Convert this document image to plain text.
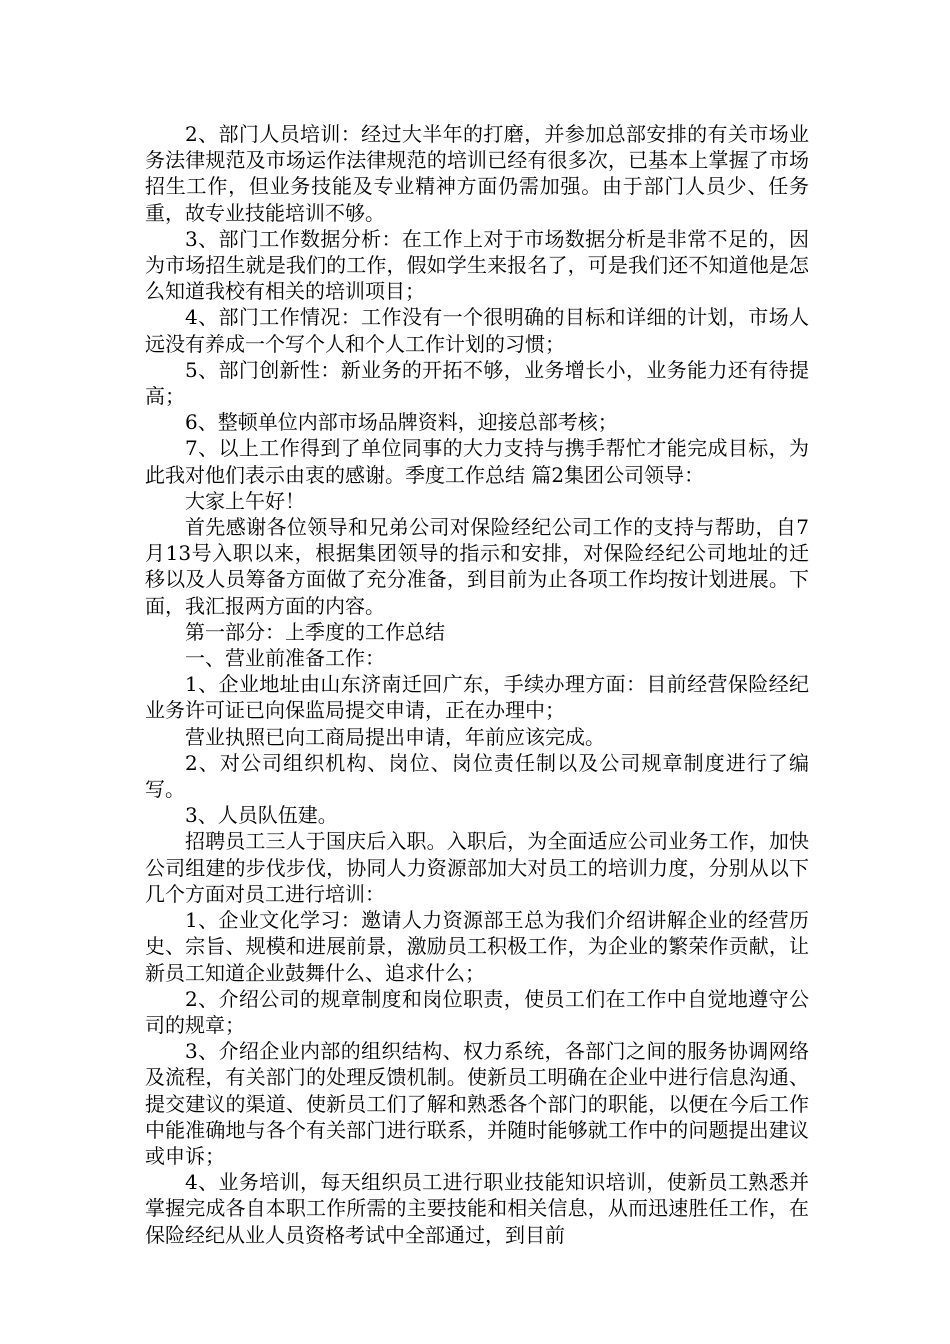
2、部门人员培训：经过大半年的打磨，并参加总部安排的有关市场业务法律规范及市场运作法律规范的培训已经有很多次，已基本上掌握了市场招生工作，但业务技能及专业精神方面仍需加强。由于部门人员少、任务重，故专业技能培训不够。

3、部门工作数据分析：在工作上对于市场数据分析是非常不足的，因为市场招生就是我们的工作，假如学生来报名了，可是我们还不知道他是怎么知道我校有相关的培训项目；

4、部门工作情况：工作没有一个很明确的目标和详细的计划，市场人远没有养成一个写个人和个人工作计划的习惯；

5、部门创新性：新业务的开拓不够，业务增长小，业务能力还有待提高；

6、整顿单位内部市场品牌资料，迎接总部考核；

7、以上工作得到了单位同事的大力支持与携手帮忙才能完成目标，为此我对他们表示由衷的感谢。季度工作总结 篇2集团公司领导：

大家上午好！

首先感谢各位领导和兄弟公司对保险经纪公司工作的支持与帮助，自7月13号入职以来，根据集团领导的指示和安排，对保险经纪公司地址的迁移以及人员筹备方面做了充分准备，到目前为止各项工作均按计划进展。下面，我汇报两方面的内容。

第一部分：上季度的工作总结

一、营业前准备工作：

1、企业地址由山东济南迁回广东，手续办理方面：目前经营保险经纪业务许可证已向保监局提交申请，正在办理中；

营业执照已向工商局提出申请，年前应该完成。

2、对公司组织机构、岗位、岗位责任制以及公司规章制度进行了编写。

3、人员队伍建。

招聘员工三人于国庆后入职。入职后，为全面适应公司业务工作，加快公司组建的步伐步伐，协同人力资源部加大对员工的培训力度，分别从以下几个方面对员工进行培训：

1、企业文化学习：邀请人力资源部王总为我们介绍讲解企业的经营历史、宗旨、规模和进展前景，激励员工积极工作，为企业的繁荣作贡献，让新员工知道企业鼓舞什么、追求什么；

2、介绍公司的规章制度和岗位职责，使员工们在工作中自觉地遵守公司的规章；

3、介绍企业内部的组织结构、权力系统，各部门之间的服务协调网络及流程，有关部门的处理反馈机制。使新员工明确在企业中进行信息沟通、提交建议的渠道、使新员工们了解和熟悉各个部门的职能，以便在今后工作中能准确地与各个有关部门进行联系，并随时能够就工作中的问题提出建议或申诉；

4、业务培训，每天组织员工进行职业技能知识培训，使新员工熟悉并掌握完成各自本职工作所需的主要技能和相关信息，从而迅速胜任工作，在保险经纪从业人员资格考试中全部通过，到目前
